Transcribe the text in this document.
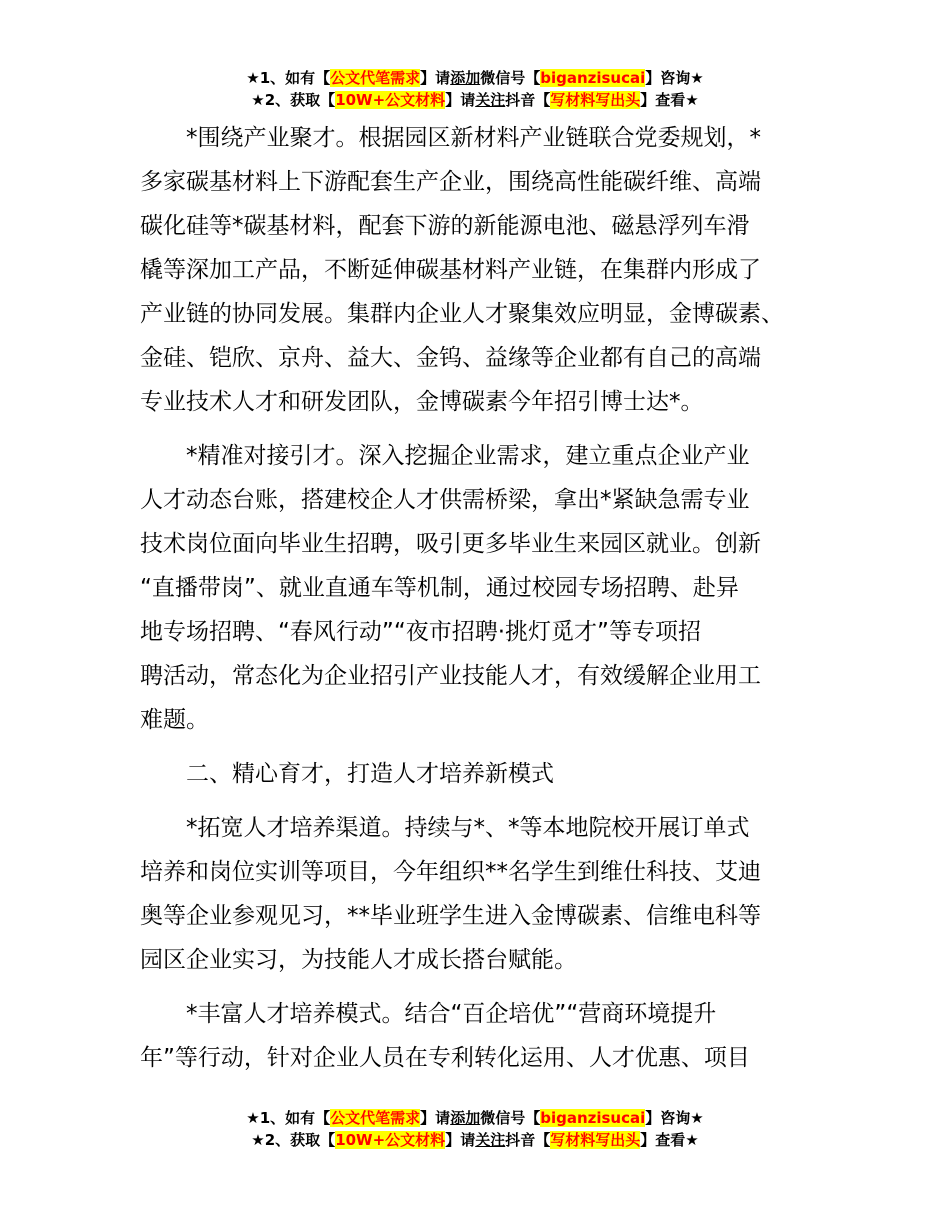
★1、如有【公文代笔需求】请添加微信号【biganzisucai】咨询★
★2、获取【10W+公文材料】请关注抖音【写材料写出头】查看★

*围绕产业聚才。根据园区新材料产业链联合党委规划，*
多家碳基材料上下游配套生产企业，围绕高性能碳纤维、高端
碳化硅等*碳基材料，配套下游的新能源电池、磁悬浮列车滑
橇等深加工产品，不断延伸碳基材料产业链，在集群内形成了
产业链的协同发展。集群内企业人才聚集效应明显，金博碳素、
金硅、铠欣、京舟、益大、金钨、益缘等企业都有自己的高端
专业技术人才和研发团队，金博碳素今年招引博士达*。

*精准对接引才。深入挖掘企业需求，建立重点企业产业
人才动态台账，搭建校企人才供需桥梁，拿出*紧缺急需专业
技术岗位面向毕业生招聘，吸引更多毕业生来园区就业。创新
“直播带岗”、就业直通车等机制，通过校园专场招聘、赴异
地专场招聘、“春风行动”“夜市招聘·挑灯觅才”等专项招
聘活动，常态化为企业招引产业技能人才，有效缓解企业用工
难题。

二、精心育才，打造人才培养新模式

*拓宽人才培养渠道。持续与*、*等本地院校开展订单式
培养和岗位实训等项目，今年组织**名学生到维仕科技、艾迪
奥等企业参观见习，**毕业班学生进入金博碳素、信维电科等
园区企业实习，为技能人才成长搭台赋能。

*丰富人才培养模式。结合“百企培优”“营商环境提升
年”等行动，针对企业人员在专利转化运用、人才优惠、项目

★1、如有【公文代笔需求】请添加微信号【biganzisucai】咨询★
★2、获取【10W+公文材料】请关注抖音【写材料写出头】查看★
